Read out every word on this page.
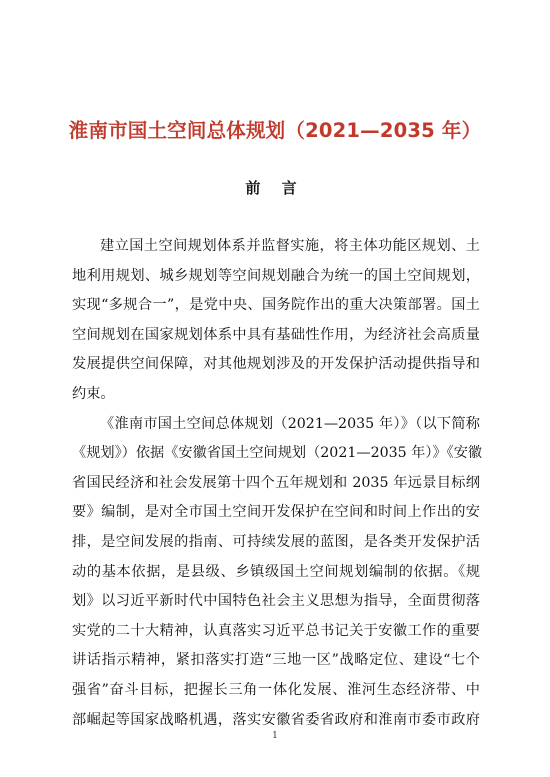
淮南市国土空间总体规划（2021—2035 年）
前 言
建立国土空间规划体系并监督实施，将主体功能区规划、土
地利用规划、城乡规划等空间规划融合为统一的国土空间规划，
实现“多规合一”，是党中央、国务院作出的重大决策部署。国土
空间规划在国家规划体系中具有基础性作用，为经济社会高质量
发展提供空间保障，对其他规划涉及的开发保护活动提供指导和
约束。
《淮南市国土空间总体规划（2021—2035 年）》（以下简称
《规划》）依据《安徽省国土空间规划（2021—2035 年）》《安徽
省国民经济和社会发展第十四个五年规划和 2035 年远景目标纲
要》编制，是对全市国土空间开发保护在空间和时间上作出的安
排，是空间发展的指南、可持续发展的蓝图，是各类开发保护活
动的基本依据，是县级、乡镇级国土空间规划编制的依据。《规
划》以习近平新时代中国特色社会主义思想为指导，全面贯彻落
实党的二十大精神，认真落实习近平总书记关于安徽工作的重要
讲话指示精神，紧扣落实打造“三地一区”战略定位、建设“七个
强省”奋斗目标，把握长三角一体化发展、淮河生态经济带、中
部崛起等国家战略机遇，落实安徽省委省政府和淮南市委市政府
1
